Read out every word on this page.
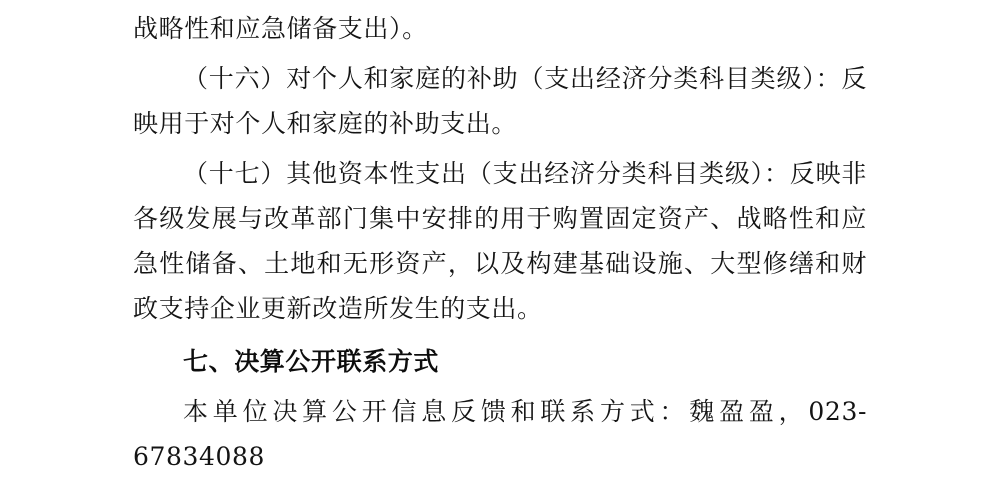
战略性和应急储备支出）。

（十六）对个人和家庭的补助（支出经济分类科目类级）：反映用于对个人和家庭的补助支出。

（十七）其他资本性支出（支出经济分类科目类级）：反映非各级发展与改革部门集中安排的用于购置固定资产、战略性和应急性储备、土地和无形资产，以及构建基础设施、大型修缮和财政支持企业更新改造所发生的支出。

七、决算公开联系方式

本单位决算公开信息反馈和联系方式：魏盈盈，023-67834088
